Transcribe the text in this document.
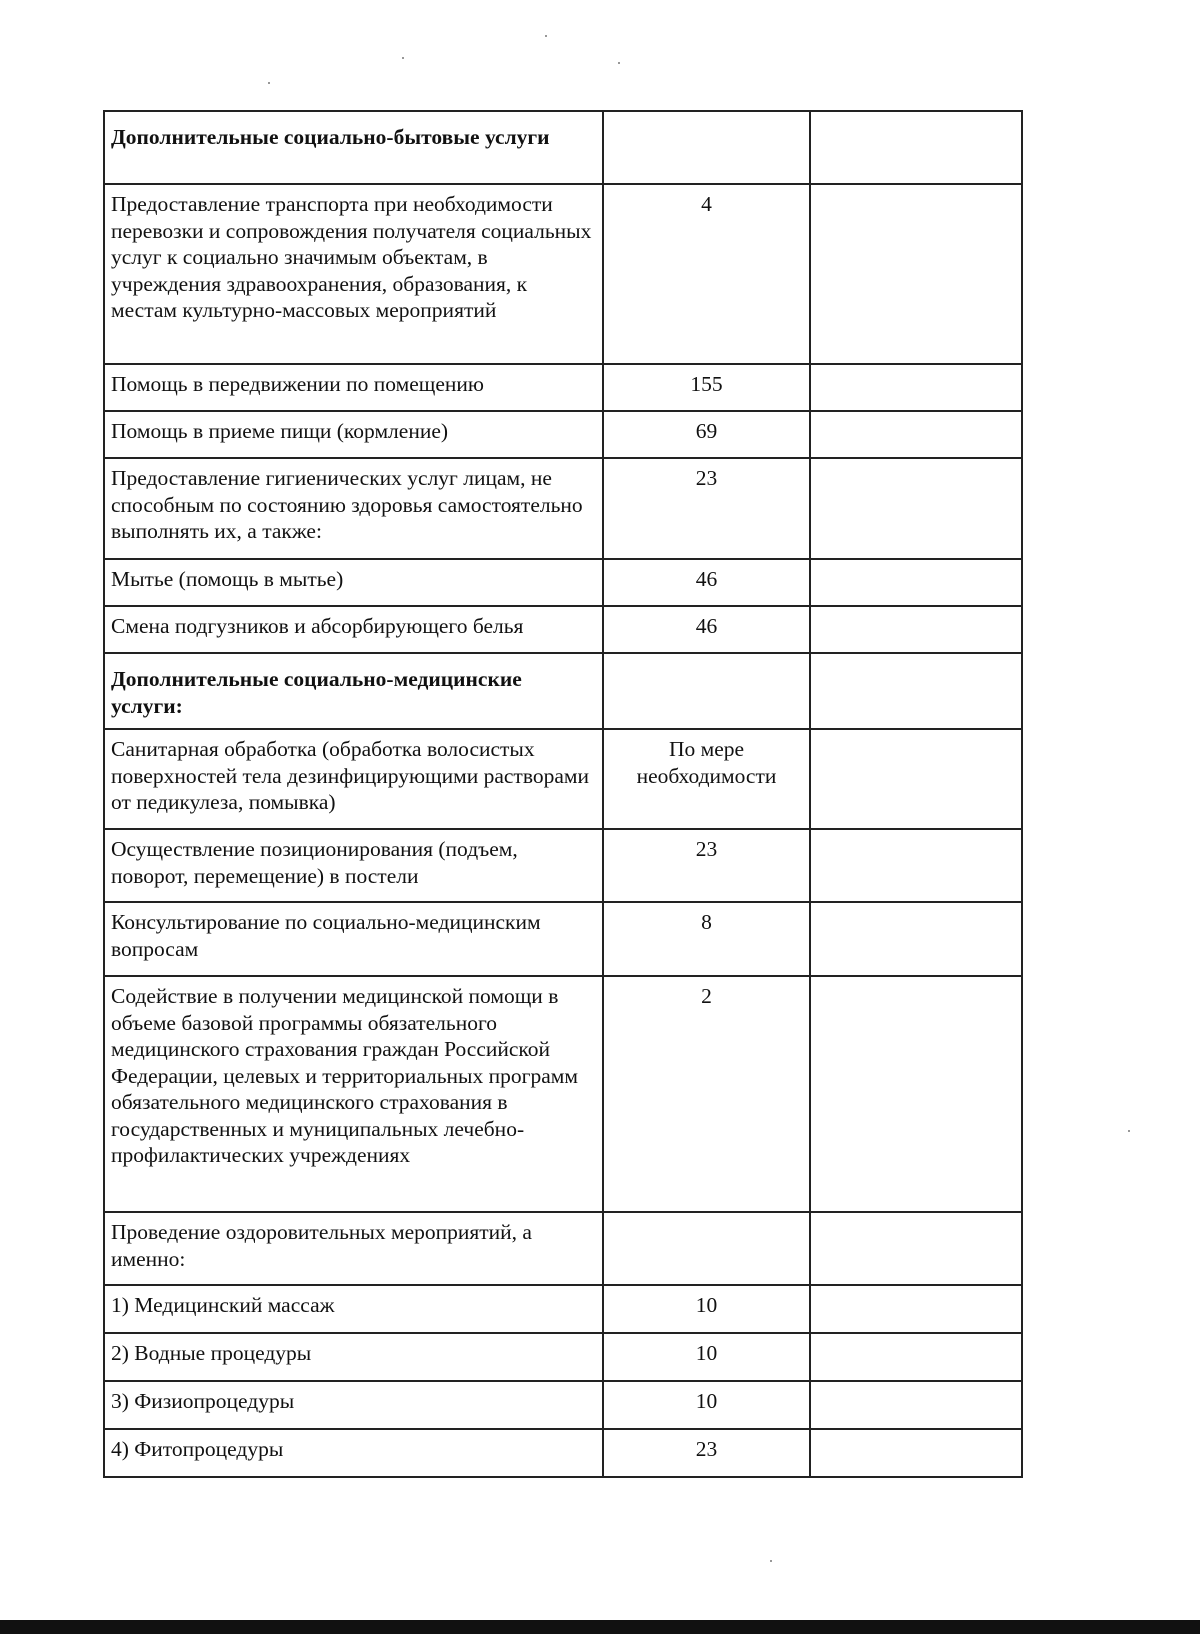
Дополнительные социально-бытовые услуги		
Предоставление транспорта при необходимости перевозки и сопровождения получателя социальных услуг к социально значимым объектам, в учреждения здравоохранения, образования, к местам культурно-массовых мероприятий	4	
Помощь в передвижении по помещению	155	
Помощь в приеме пищи (кормление)	69	
Предоставление гигиенических услуг лицам, не способным по состоянию здоровья самостоятельно выполнять их, а также:	23	
Мытье (помощь в мытье)	46	
Смена подгузников и абсорбирующего белья	46	
Дополнительные социально-медицинские услуги:		
Санитарная обработка (обработка волосистых поверхностей тела дезинфицирующими растворами от педикулеза, помывка)	По мере необходимости	
Осуществление позиционирования (подъем, поворот, перемещение) в постели	23	
Консультирование по социально-медицинским вопросам	8	
Содействие в получении медицинской помощи в объеме базовой программы обязательного медицинского страхования граждан Российской Федерации, целевых и территориальных программ обязательного медицинского страхования в государственных и муниципальных лечебно-профилактических учреждениях	2	
Проведение оздоровительных мероприятий, а именно:		
1) Медицинский массаж	10	
2) Водные процедуры	10	
3) Физиопроцедуры	10	
4) Фитопроцедуры	23	
